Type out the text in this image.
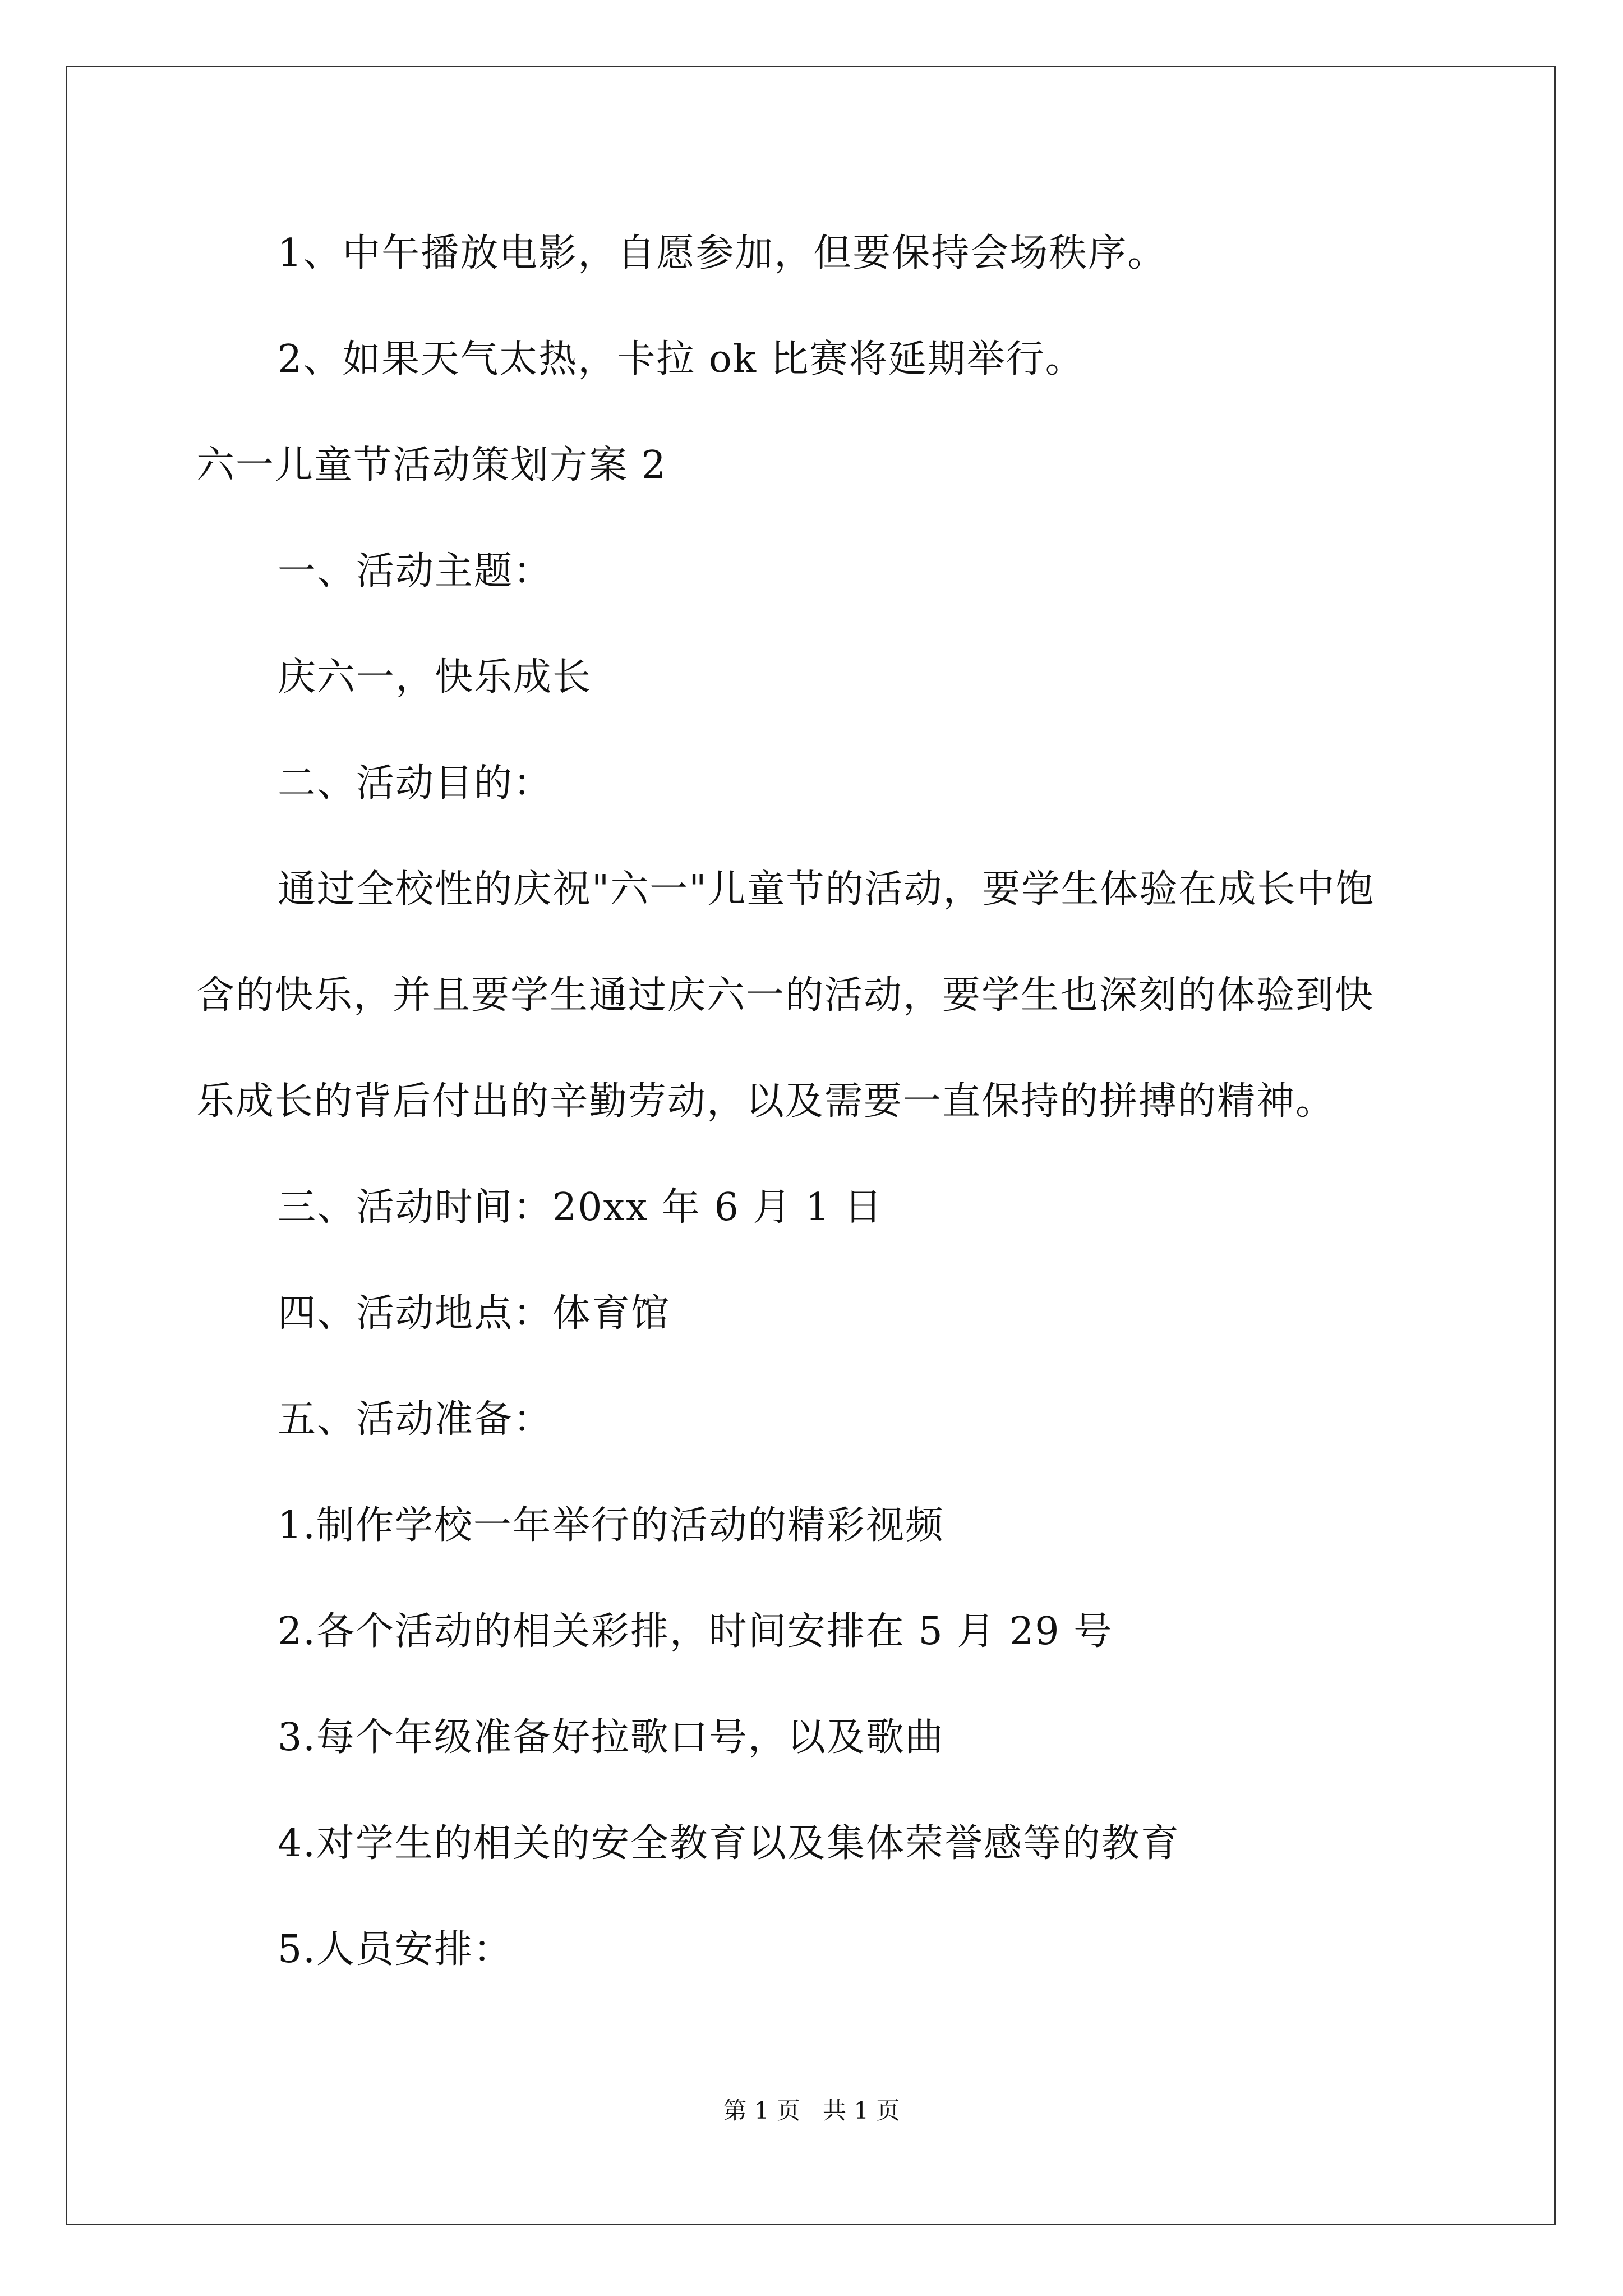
1、中午播放电影，自愿参加，但要保持会场秩序。
2、如果天气太热，卡拉 ok 比赛将延期举行。
六一儿童节活动策划方案 2
一、活动主题：
庆六一，快乐成长
二、活动目的：
通过全校性的庆祝"六一"儿童节的活动，要学生体验在成长中饱
含的快乐，并且要学生通过庆六一的活动，要学生也深刻的体验到快
乐成长的背后付出的辛勤劳动，以及需要一直保持的拼搏的精神。
三、活动时间：20xx 年 6 月 1 日
四、活动地点：体育馆
五、活动准备：
1.制作学校一年举行的活动的精彩视频
2.各个活动的相关彩排，时间安排在 5 月 29 号
3.每个年级准备好拉歌口号，以及歌曲
4.对学生的相关的安全教育以及集体荣誉感等的教育
5.人员安排：
第 1 页   共 1 页
